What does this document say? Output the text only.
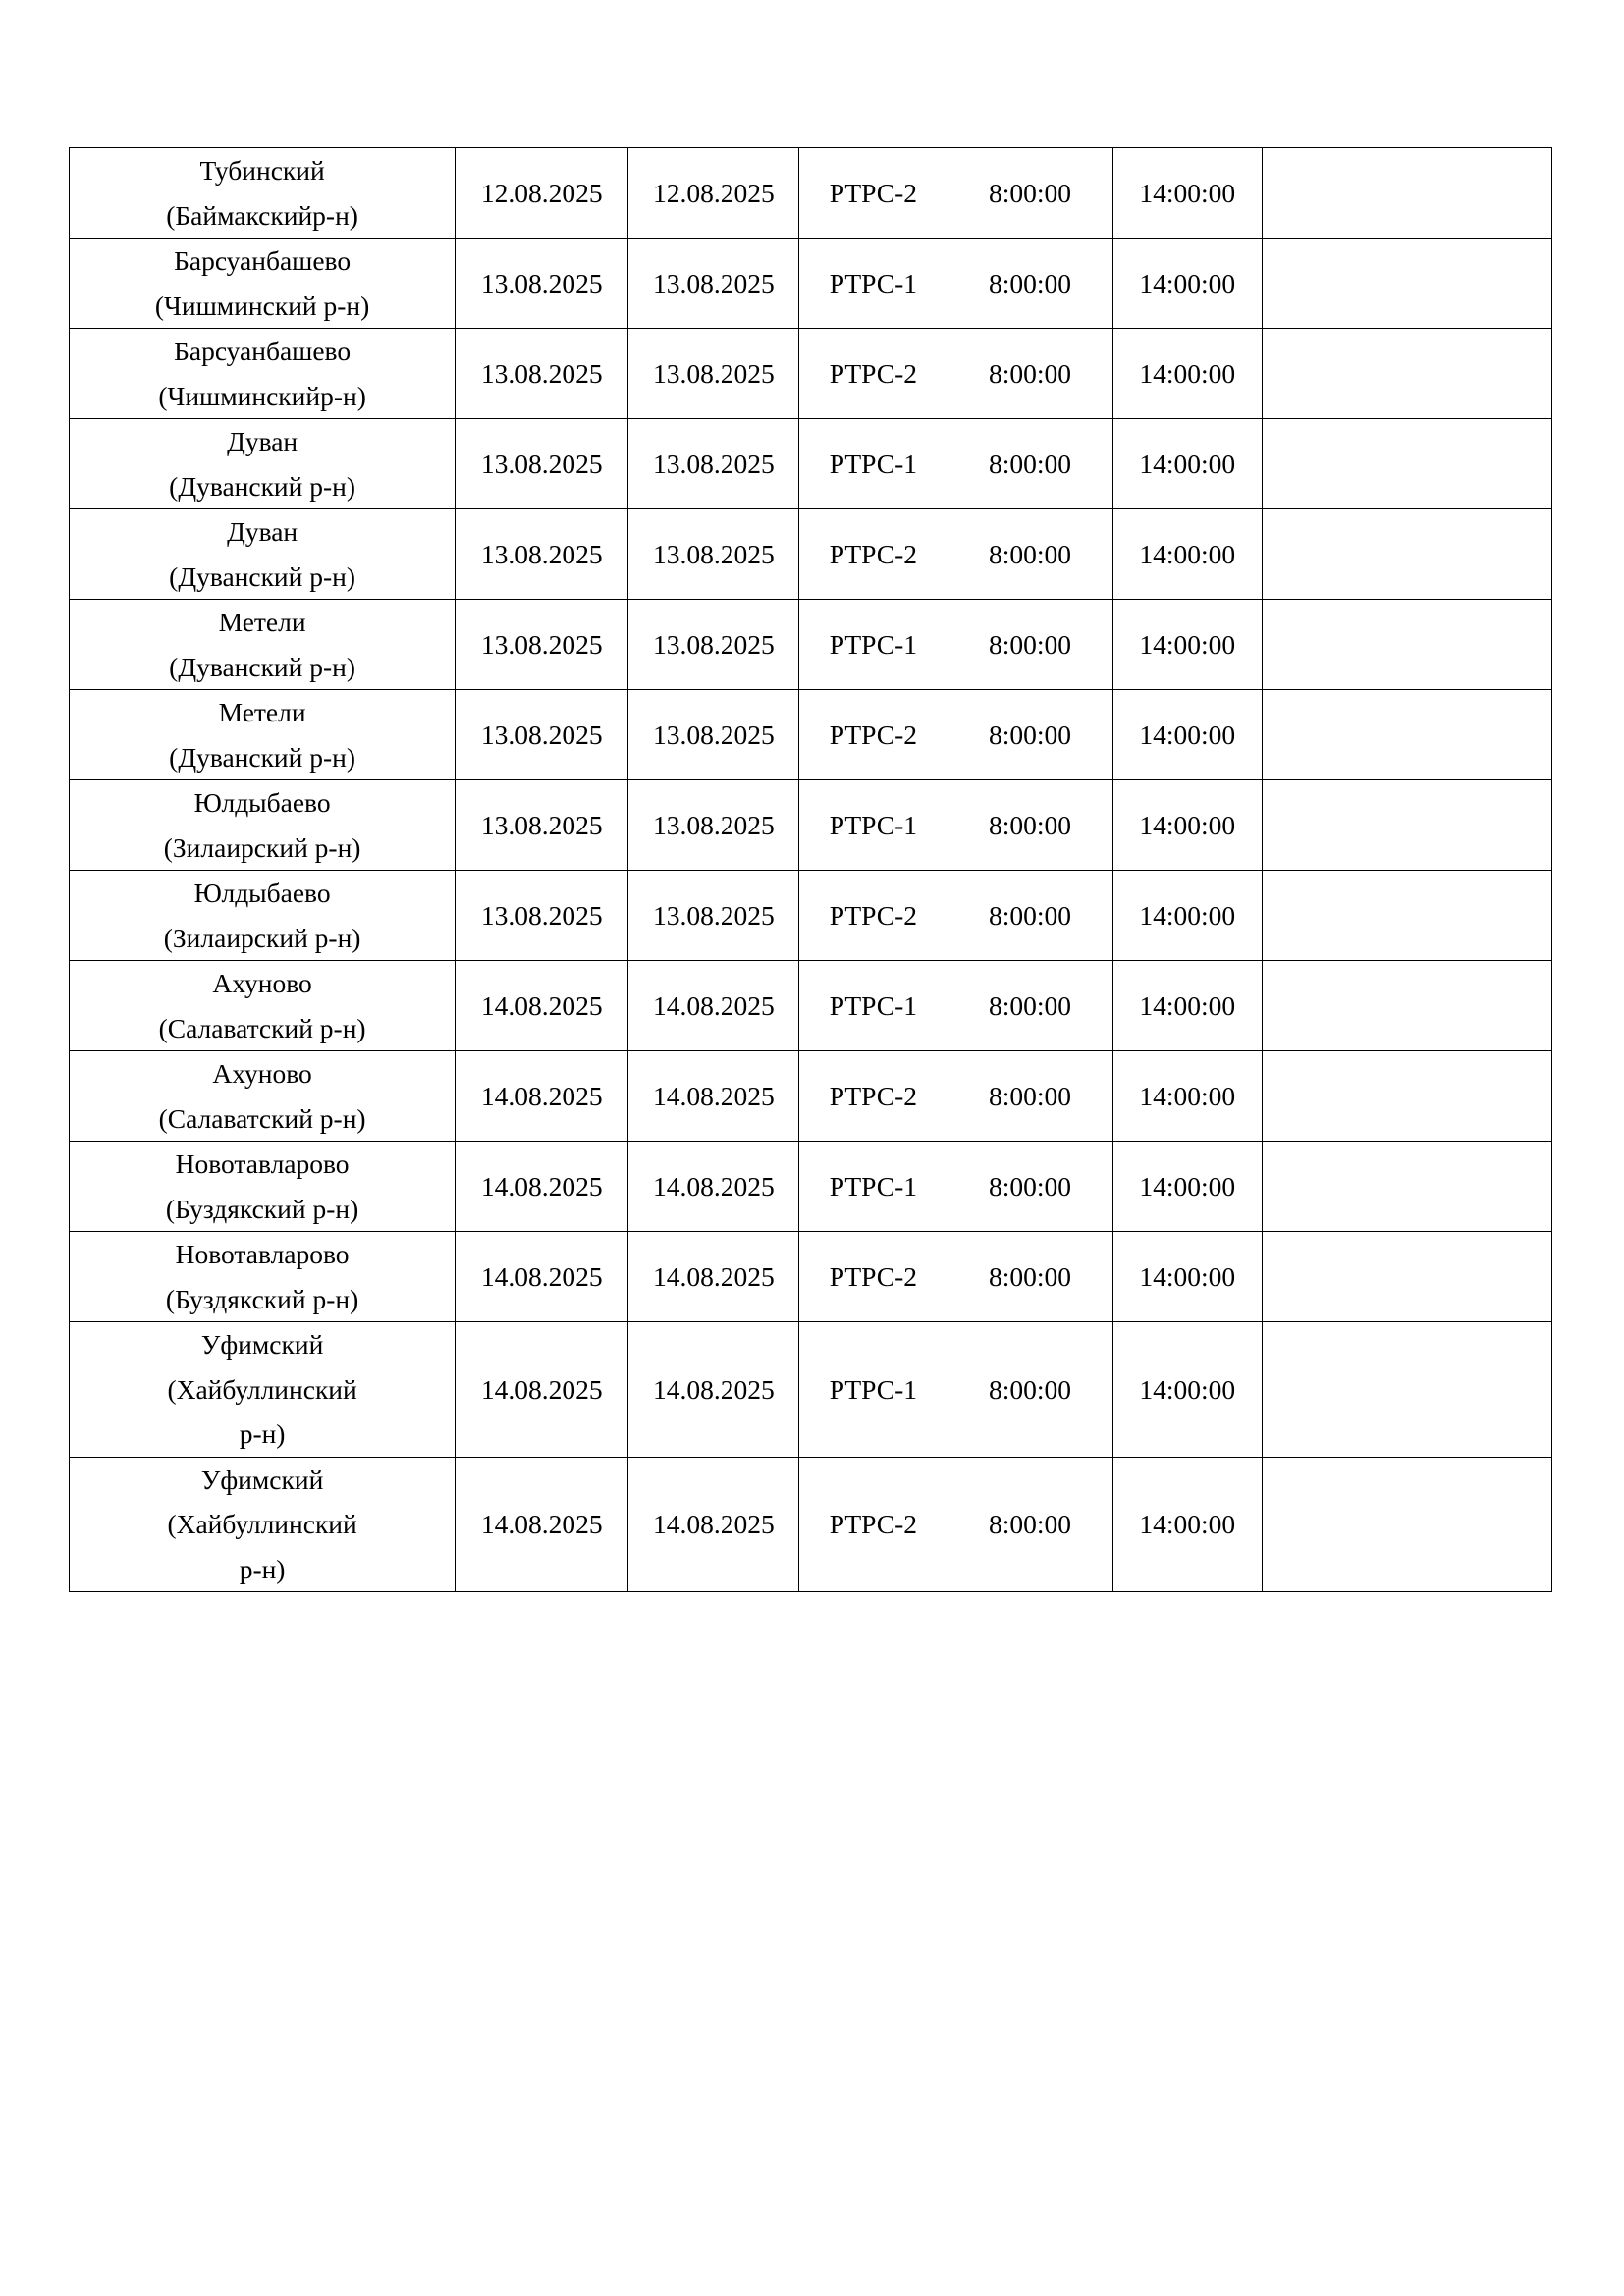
Тубинский
(Баймакскийр-н)	12.08.2025	12.08.2025	РТРС-2	8:00:00	14:00:00	

Барсуанбашево
(Чишминский р-н)	13.08.2025	13.08.2025	РТРС-1	8:00:00	14:00:00	

Барсуанбашево
(Чишминскийр-н)	13.08.2025	13.08.2025	РТРС-2	8:00:00	14:00:00	

Дуван
(Дуванский р-н)	13.08.2025	13.08.2025	РТРС-1	8:00:00	14:00:00	

Дуван
(Дуванский р-н)	13.08.2025	13.08.2025	РТРС-2	8:00:00	14:00:00	

Метели
(Дуванский р-н)	13.08.2025	13.08.2025	РТРС-1	8:00:00	14:00:00	

Метели
(Дуванский р-н)	13.08.2025	13.08.2025	РТРС-2	8:00:00	14:00:00	

Юлдыбаево
(Зилаирский р-н)	13.08.2025	13.08.2025	РТРС-1	8:00:00	14:00:00	

Юлдыбаево
(Зилаирский р-н)	13.08.2025	13.08.2025	РТРС-2	8:00:00	14:00:00	

Ахуново
(Салаватский р-н)	14.08.2025	14.08.2025	РТРС-1	8:00:00	14:00:00	

Ахуново
(Салаватский р-н)	14.08.2025	14.08.2025	РТРС-2	8:00:00	14:00:00	

Новотавларово
(Буздякский р-н)	14.08.2025	14.08.2025	РТРС-1	8:00:00	14:00:00	

Новотавларово
(Буздякский р-н)	14.08.2025	14.08.2025	РТРС-2	8:00:00	14:00:00	

Уфимский
(Хайбуллинский
р-н)	14.08.2025	14.08.2025	РТРС-1	8:00:00	14:00:00	

Уфимский
(Хайбуллинский
р-н)	14.08.2025	14.08.2025	РТРС-2	8:00:00	14:00:00	
